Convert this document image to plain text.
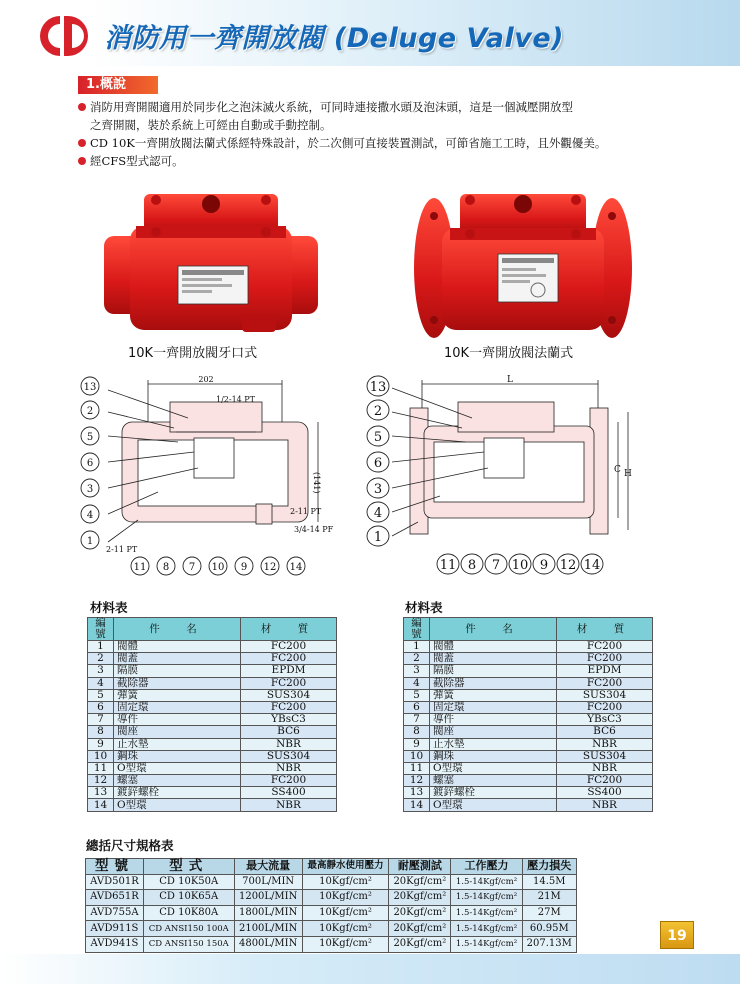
消防用一齊開放閥 (Deluge Valve)
1.概說
消防用齊開閥適用於同步化之泡沫滅火系統，可同時連接撒水頭及泡沫頭，這是一個減壓開放型
之齊開閥，裝於系統上可經由自動或手動控制。
CD 10K一齊開放閥法蘭式係經特殊設計，於二次側可直接裝置測試，可節省施工工時，且外觀優美。
經CFS型式認可。
10K一齊開放閥牙口式	10K一齊開放閥法蘭式
13
2
5
6
3
4
1
11 8 7 10 9 12 14
202
1/2-14 PT
(141)
2-11 PT
3/4-14 PF
2-11 PT
13
2
5
6
3
4
1
11 8 7 10 9 12 14
L
C H
材料表
編號	件　名	材　質
1	閥體	FC200
2	閥蓋	FC200
3	隔膜	EPDM
4	截除器	FC200
5	彈簧	SUS304
6	固定環	FC200
7	導件	YBsC3
8	閥座	BC6
9	止水墊	NBR
10	鋼珠	SUS304
11	O型環	NBR
12	螺塞	FC200
13	鍍鋅螺栓	SS400
14	O型環	NBR
材料表
編號	件　名	材　質
1	閥體	FC200
2	閥蓋	FC200
3	隔膜	EPDM
4	截除器	FC200
5	彈簧	SUS304
6	固定環	FC200
7	導件	YBsC3
8	閥座	BC6
9	止水墊	NBR
10	鋼珠	SUS304
11	O型環	NBR
12	螺塞	FC200
13	鍍鋅螺栓	SS400
14	O型環	NBR
總括尺寸規格表
型號	型式	最大流量	最高靜水使用壓力	耐壓測試	工作壓力	壓力損失
AVD501R	CD 10K50A	700L/MIN	10Kgf/cm²	20Kgf/cm²	1.5-14Kgf/cm²	14.5M
AVD651R	CD 10K65A	1200L/MIN	10Kgf/cm²	20Kgf/cm²	1.5-14Kgf/cm²	21M
AVD755A	CD 10K80A	1800L/MIN	10Kgf/cm²	20Kgf/cm²	1.5-14Kgf/cm²	27M
AVD911S	CD ANSI150 100A	2100L/MIN	10Kgf/cm²	20Kgf/cm²	1.5-14Kgf/cm²	60.95M
AVD941S	CD ANSI150 150A	4800L/MIN	10Kgf/cm²	20Kgf/cm²	1.5-14Kgf/cm²	207.13M	19
